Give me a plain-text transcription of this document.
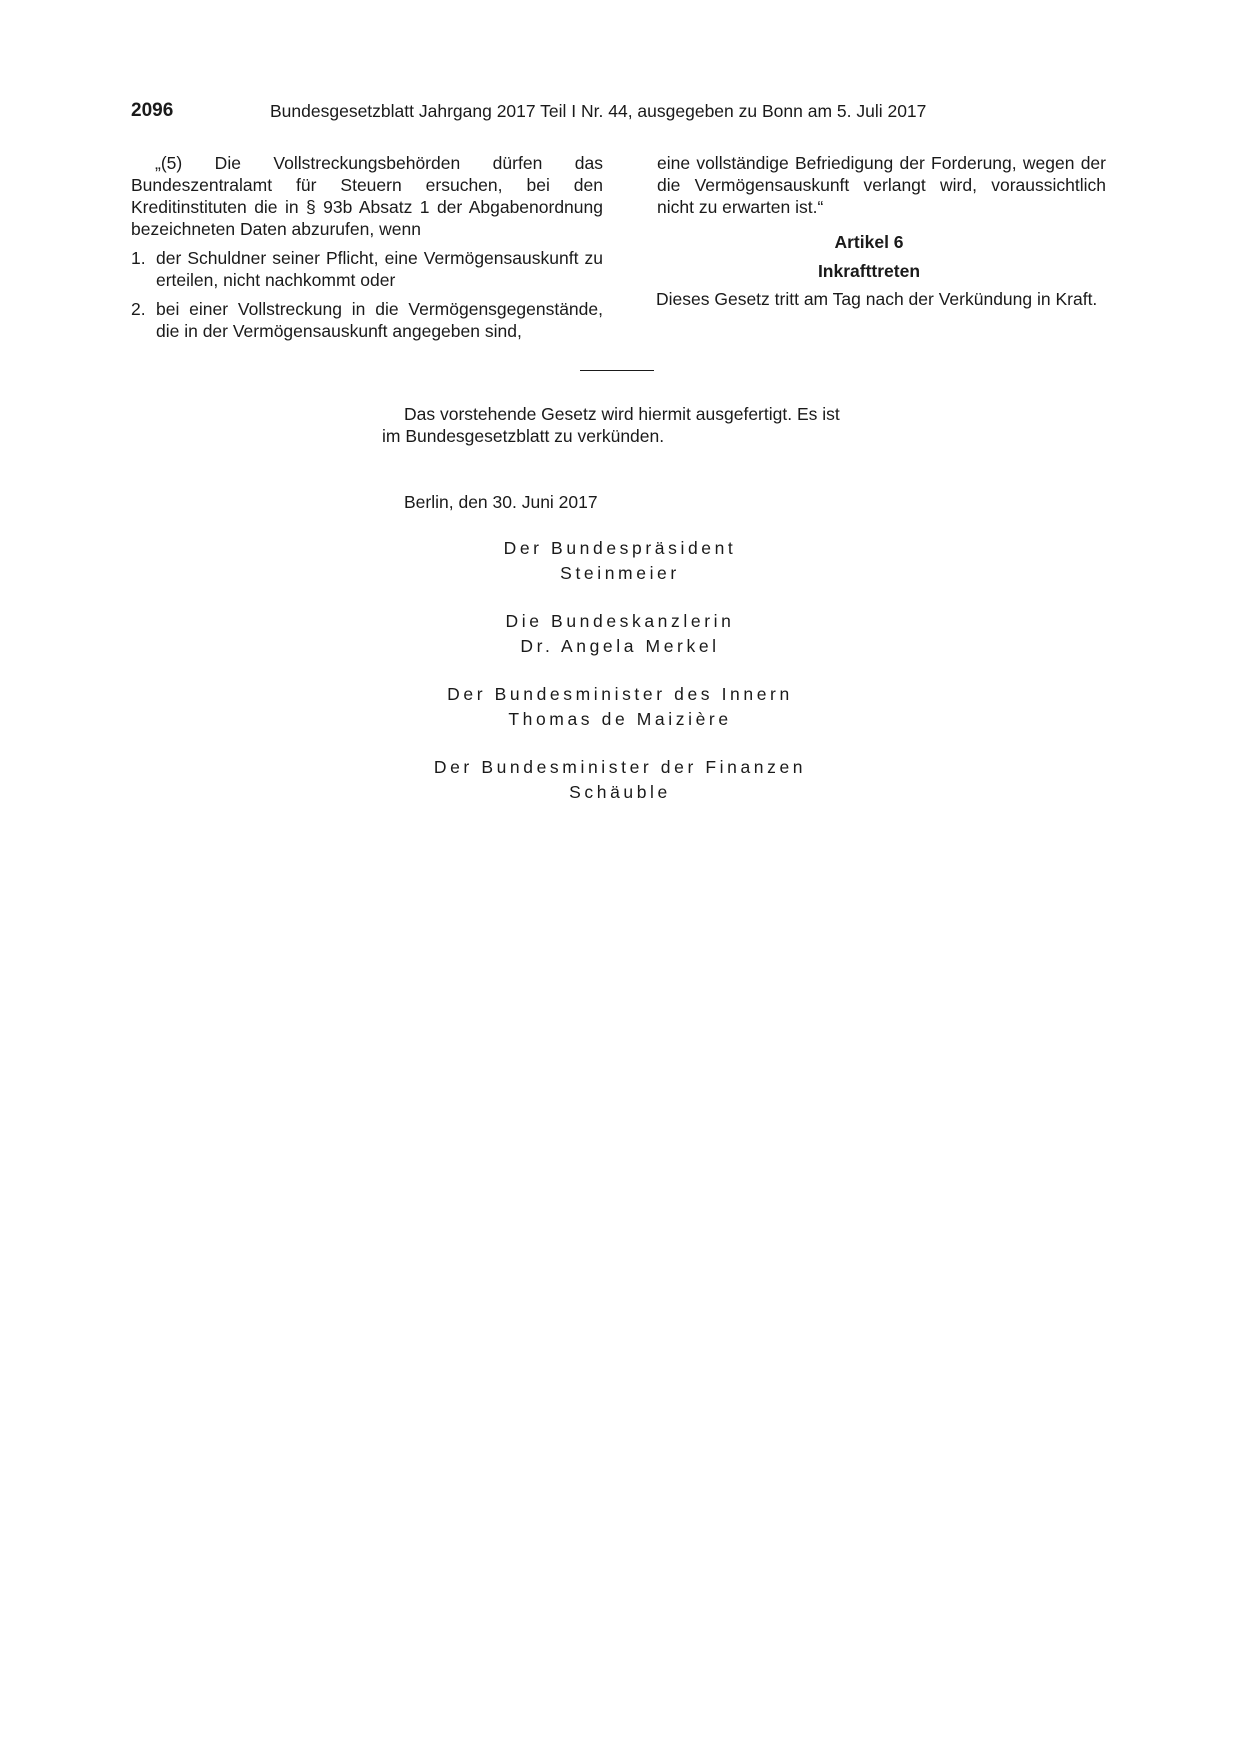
2096	Bundesgesetzblatt Jahrgang 2017 Teil I Nr. 44, ausgegeben zu Bonn am 5. Juli 2017

„(5) Die Vollstreckungsbehörden dürfen das Bundeszentralamt für Steuern ersuchen, bei den Kreditinstituten die in § 93b Absatz 1 der Abgabenordnung bezeichneten Daten abzurufen, wenn

1. der Schuldner seiner Pflicht, eine Vermögensauskunft zu erteilen, nicht nachkommt oder
2. bei einer Vollstreckung in die Vermögensgegenstände, die in der Vermögensauskunft angegeben sind,

eine vollständige Befriedigung der Forderung, wegen der die Vermögensauskunft verlangt wird, voraussichtlich nicht zu erwarten ist.“

Artikel 6
Inkrafttreten

Dieses Gesetz tritt am Tag nach der Verkündung in Kraft.

Das vorstehende Gesetz wird hiermit ausgefertigt. Es ist im Bundesgesetzblatt zu verkünden.

Berlin, den 30. Juni 2017
Der Bundespräsident
Steinmeier
Die Bundeskanzlerin
Dr. Angela Merkel
Der Bundesminister des Innern
Thomas de Maizière
Der Bundesminister der Finanzen
Schäuble
